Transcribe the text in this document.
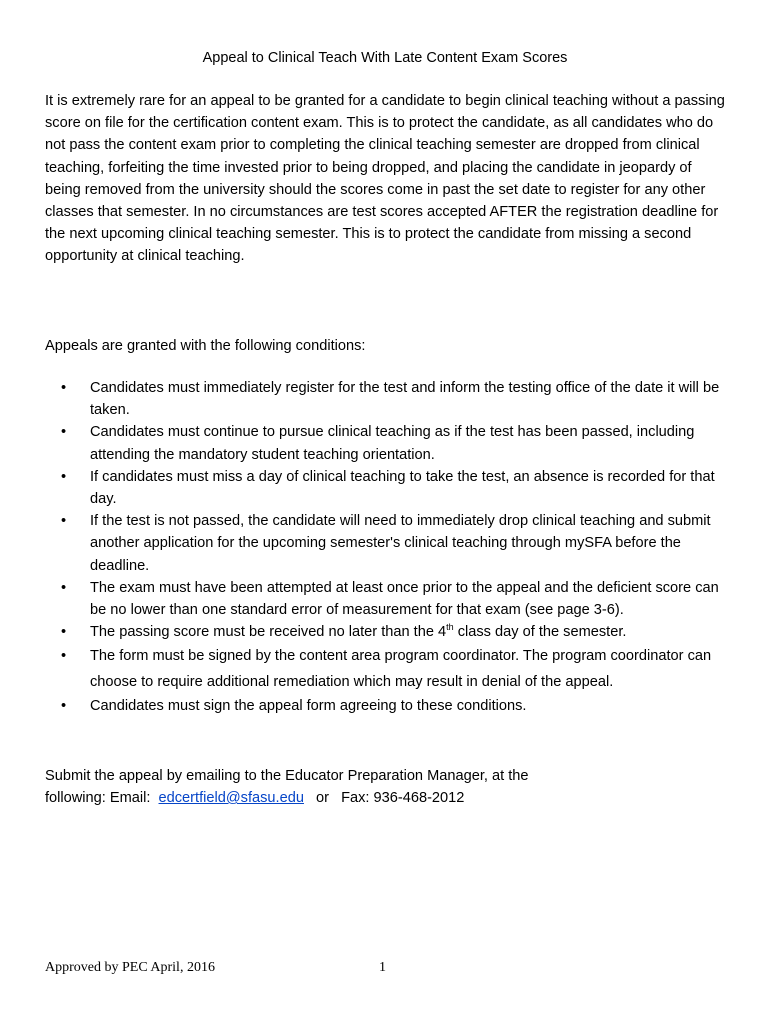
Appeal to Clinical Teach With Late Content Exam Scores

It is extremely rare for an appeal to be granted for a candidate to begin clinical teaching without a passing score on file for the certification content exam. This is to protect the candidate, as all candidates who do not pass the content exam prior to completing the clinical teaching semester are dropped from clinical teaching, forfeiting the time invested prior to being dropped, and placing the candidate in jeopardy of being removed from the university should the scores come in past the set date to register for any other classes that semester. In no circumstances are test scores accepted AFTER the registration deadline for the next upcoming clinical teaching semester. This is to protect the candidate from missing a second opportunity at clinical teaching.

Appeals are granted with the following conditions:

• Candidates must immediately register for the test and inform the testing office of the date it will be taken.
• Candidates must continue to pursue clinical teaching as if the test has been passed, including attending the mandatory student teaching orientation.
• If candidates must miss a day of clinical teaching to take the test, an absence is recorded for that day.
• If the test is not passed, the candidate will need to immediately drop clinical teaching and submit another application for the upcoming semester's clinical teaching through mySFA before the deadline.
• The exam must have been attempted at least once prior to the appeal and the deficient score can be no lower than one standard error of measurement for that exam (see page 3-6).
• The passing score must be received no later than the 4th class day of the semester.
• The form must be signed by the content area program coordinator. The program coordinator can choose to require additional remediation which may result in denial of the appeal.
• Candidates must sign the appeal form agreeing to these conditions.

Submit the appeal by emailing to the Educator Preparation Manager, at the
following: Email: edcertfield@sfasu.edu or Fax: 936-468-2012

Approved by PEC April, 2016	1
